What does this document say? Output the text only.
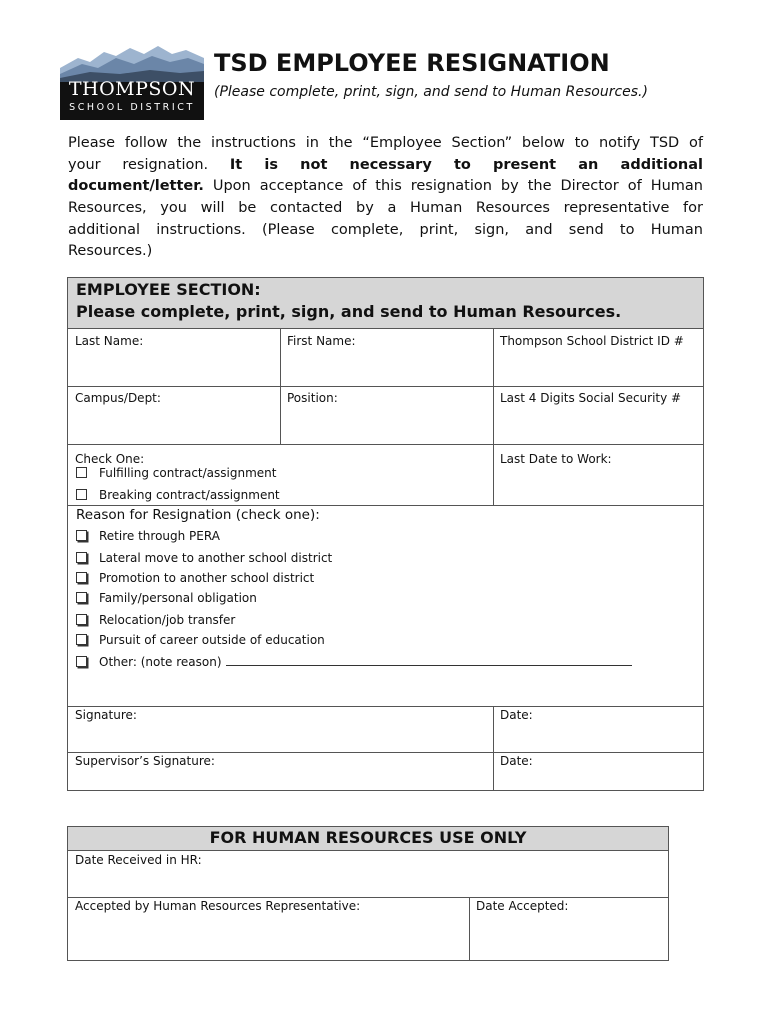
THOMPSON
SCHOOL DISTRICT
TSD EMPLOYEE RESIGNATION
(Please complete, print, sign, and send to Human Resources.)
Please follow the instructions in the “Employee Section” below to notify TSD of
your resignation. It is not necessary to present an additional
document/letter. Upon acceptance of this resignation by the Director of Human
Resources, you will be contacted by a Human Resources representative for
additional instructions. (Please complete, print, sign, and send to Human
Resources.)
EMPLOYEE SECTION:
Please complete, print, sign, and send to Human Resources.
Last Name:	First Name:	Thompson School District ID #
Campus/Dept:	Position:	Last 4 Digits Social Security #
Check One:
Fulfilling contract/assignment
Breaking contract/assignment
Last Date to Work:
Reason for Resignation (check one):
Retire through PERA
Lateral move to another school district
Promotion to another school district
Family/personal obligation
Relocation/job transfer
Pursuit of career outside of education
Other: (note reason)
Signature:	Date:
Supervisor’s Signature:	Date:
FOR HUMAN RESOURCES USE ONLY
Date Received in HR:
Accepted by Human Resources Representative:	Date Accepted:
